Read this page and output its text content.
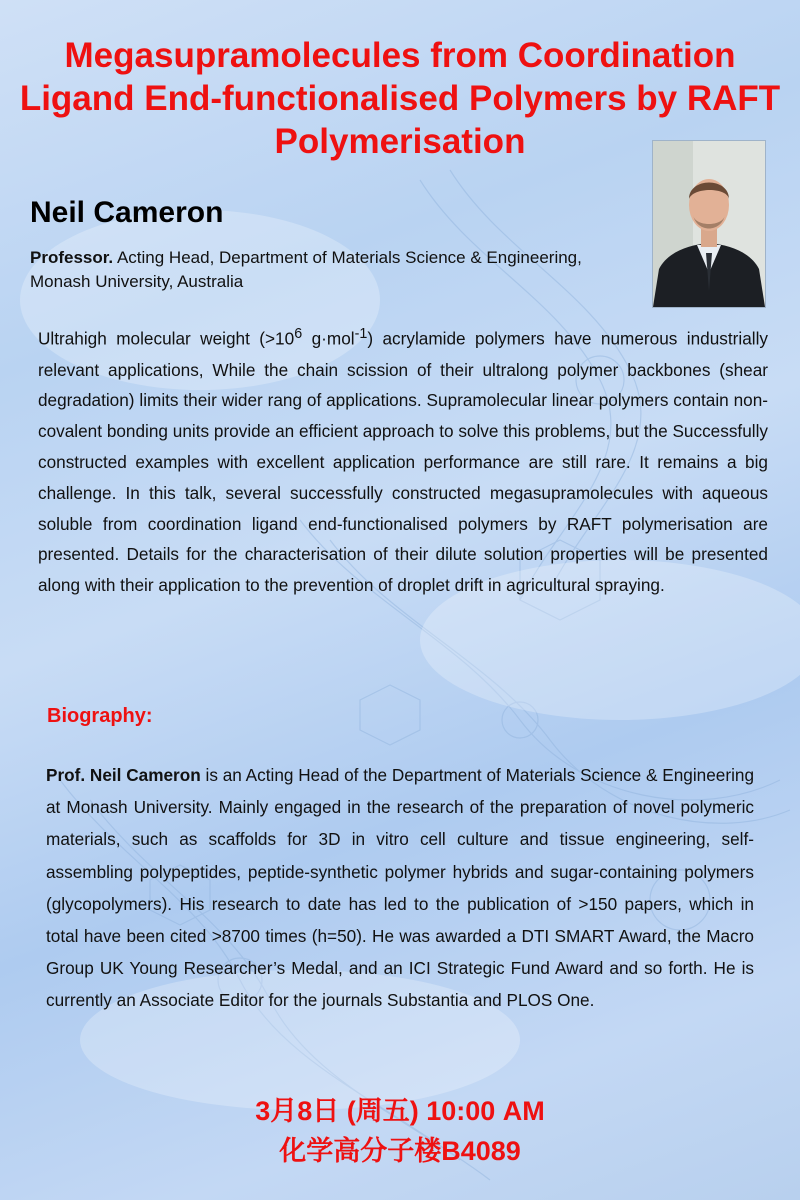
Megasupramolecules from Coordination Ligand End-functionalised Polymers by RAFT Polymerisation
Neil Cameron
Professor. Acting Head, Department of Materials Science & Engineering, Monash University, Australia

Ultrahigh molecular weight ($>10^6$ g·mol$^{-1}$) acrylamide polymers have numerous industrially relevant applications, While the chain scission of their ultralong polymer backbones (shear degradation) limits their wider rang of applications. Supramolecular linear polymers contain non-covalent bonding units provide an efficient approach to solve this problems, but the Successfully constructed examples with excellent application performance are still rare. It remains a big challenge. In this talk, several successfully constructed megasupramolecules with aqueous soluble from coordination ligand end-functionalised polymers by RAFT polymerisation are presented. Details for the characterisation of their dilute solution properties will be presented along with their application to the prevention of droplet drift in agricultural spraying.

Biography:

Prof. Neil Cameron is an Acting Head of the Department of Materials Science & Engineering at Monash University. Mainly engaged in the research of the preparation of novel polymeric materials, such as scaffolds for 3D in vitro cell culture and tissue engineering, self-assembling polypeptides, peptide-synthetic polymer hybrids and sugar-containing polymers (glycopolymers). His research to date has led to the publication of >150 papers, which in total have been cited >8700 times (h=50). He was awarded a DTI SMART Award, the Macro Group UK Young Researcher’s Medal, and an ICI Strategic Fund Award and so forth. He is currently an Associate Editor for the journals Substantia and PLOS One.

3月8日 (周五) 10:00 AM
化学高分子楼B4089
